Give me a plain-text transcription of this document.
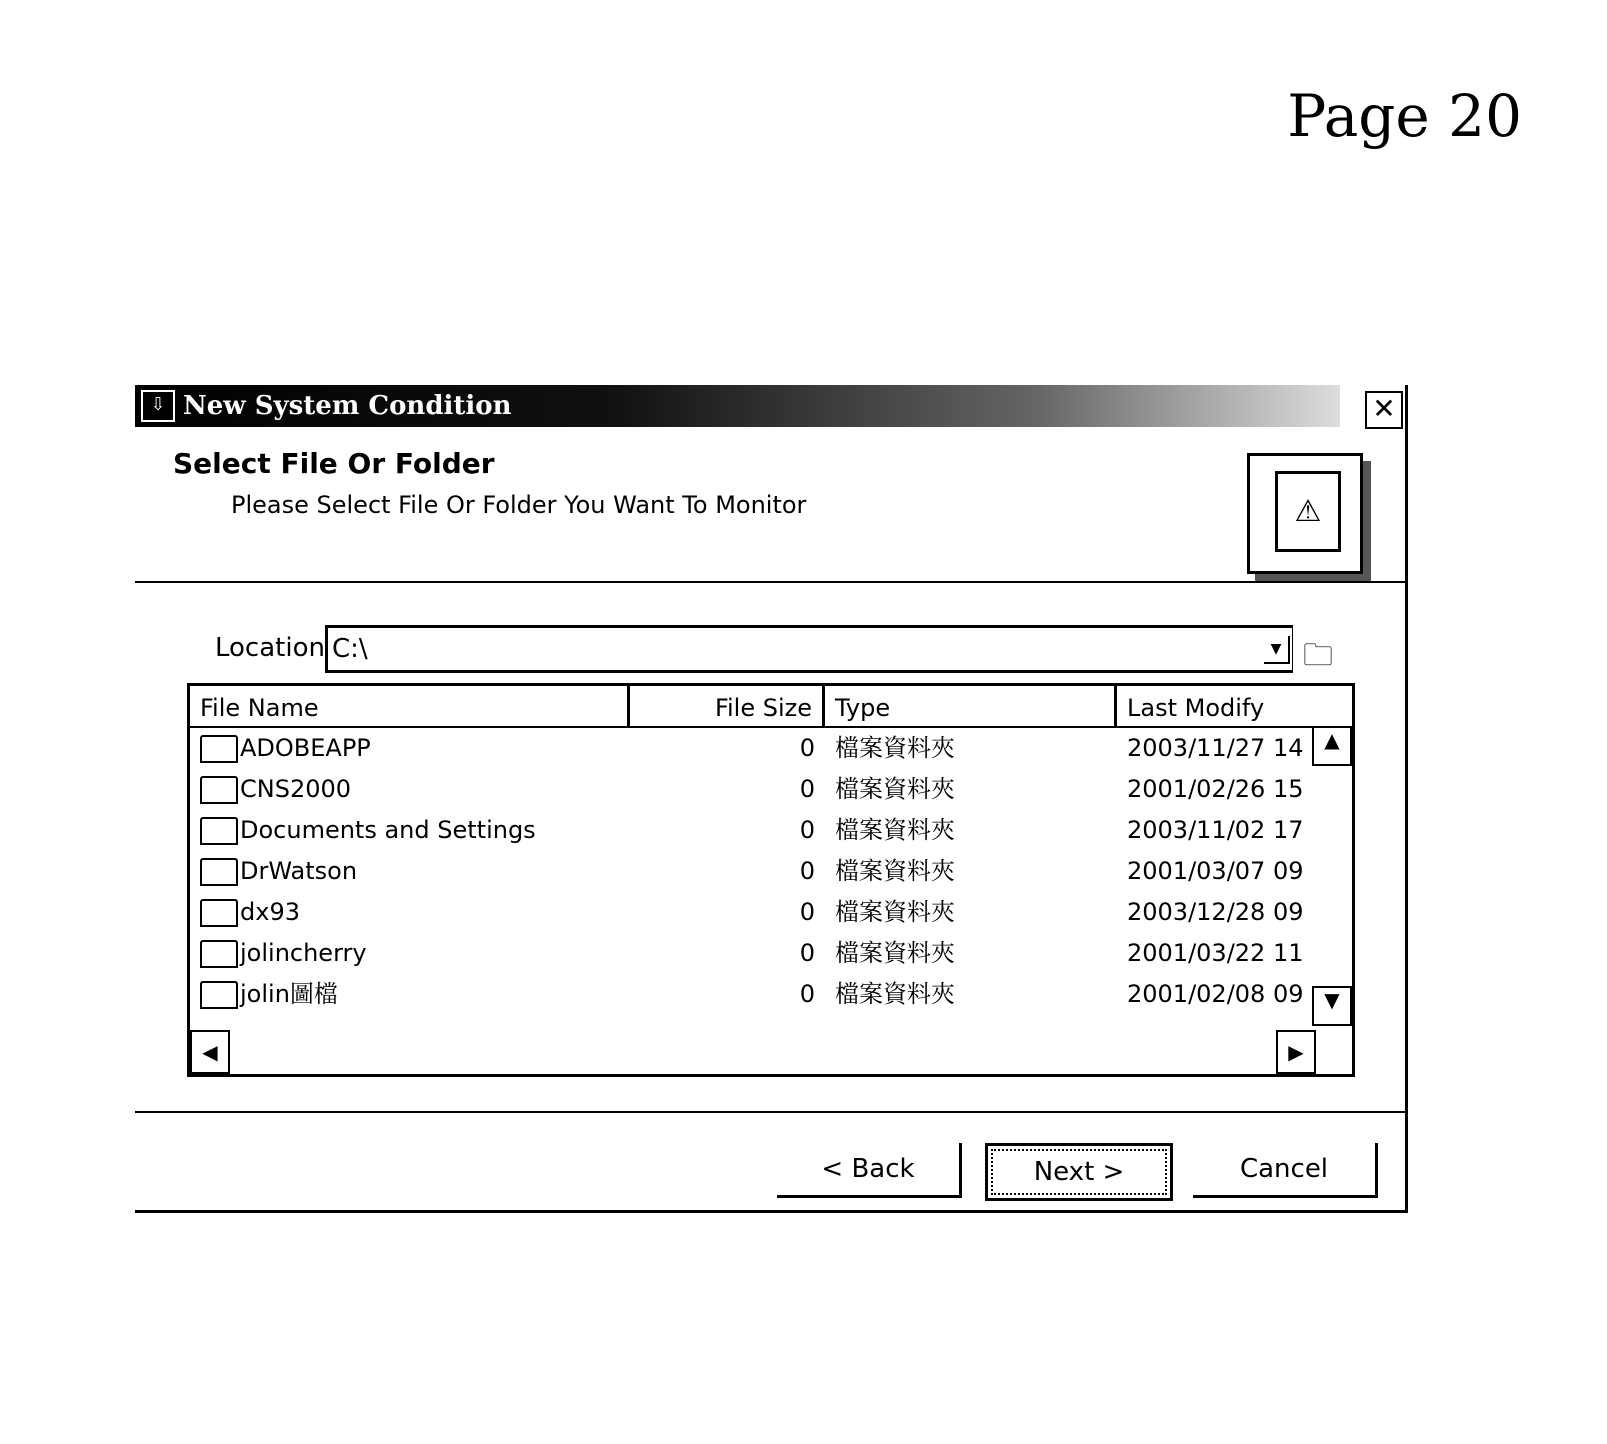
Page 20
⇩ New System Condition	✕
Select File Or Folder
Please Select File Or Folder You Want To Monitor	⚠
Location C:\	▼ 🗀
File Name	File Size Type	Last Modify
ADOBEAPP	0 檔案資料夾	2003/11/27 14
CNS2000	0 檔案資料夾	2001/02/26 15
Documents and Settings	0 檔案資料夾	2003/11/02 17
DrWatson	0 檔案資料夾	2001/03/07 09
dx93	0 檔案資料夾	2003/12/28 09
jolincherry	0 檔案資料夾	2001/03/22 11
jolin圖檔	0 檔案資料夾	2001/02/08 09
▲
▼
◀	▶
< Back	Next >	Cancel
